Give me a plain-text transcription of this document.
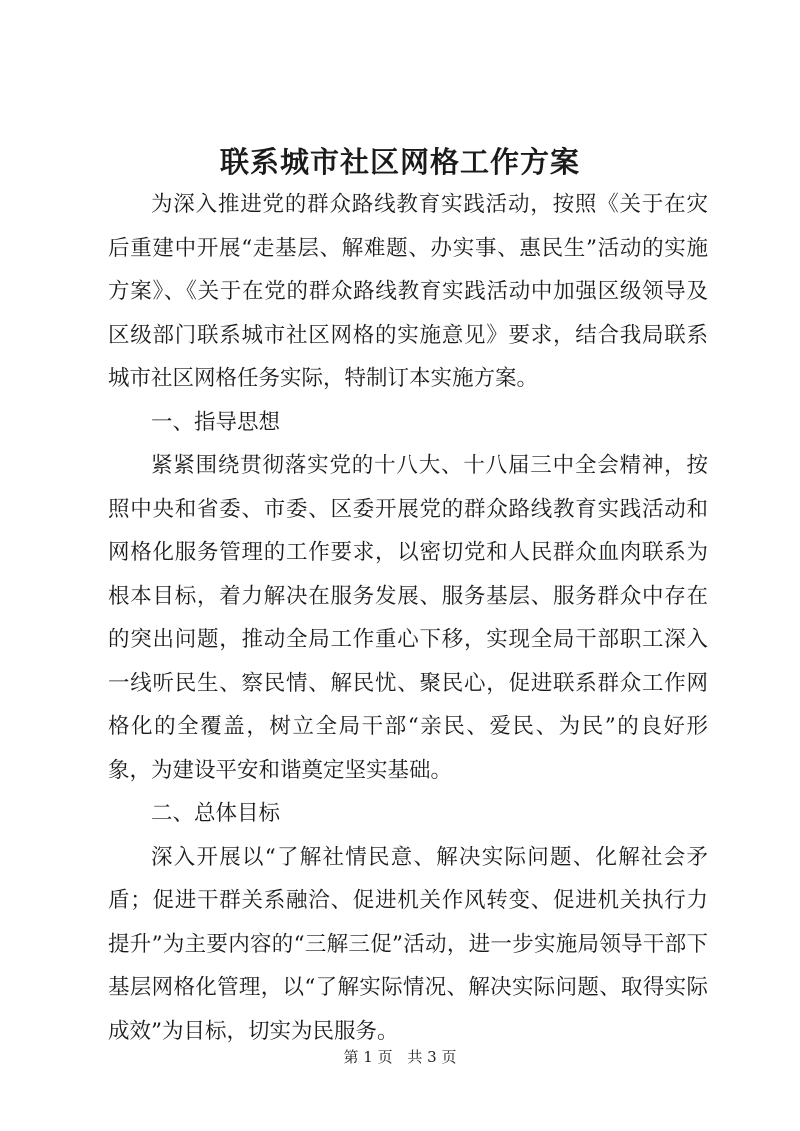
联系城市社区网格工作方案

为深入推进党的群众路线教育实践活动，按照《关于在灾后重建中开展“走基层、解难题、办实事、惠民生”活动的实施方案》、《关于在党的群众路线教育实践活动中加强区级领导及区级部门联系城市社区网格的实施意见》要求，结合我局联系城市社区网格任务实际，特制订本实施方案。

一、指导思想

紧紧围绕贯彻落实党的十八大、十八届三中全会精神，按照中央和省委、市委、区委开展党的群众路线教育实践活动和网格化服务管理的工作要求，以密切党和人民群众血肉联系为根本目标，着力解决在服务发展、服务基层、服务群众中存在的突出问题，推动全局工作重心下移，实现全局干部职工深入一线听民生、察民情、解民忧、聚民心，促进联系群众工作网格化的全覆盖，树立全局干部“亲民、爱民、为民”的良好形象，为建设平安和谐奠定坚实基础。

二、总体目标

深入开展以“了解社情民意、解决实际问题、化解社会矛盾；促进干群关系融洽、促进机关作风转变、促进机关执行力提升”为主要内容的“三解三促”活动，进一步实施局领导干部下基层网格化管理，以“了解实际情况、解决实际问题、取得实际成效”为目标，切实为民服务。

第 1 页 共 3 页
